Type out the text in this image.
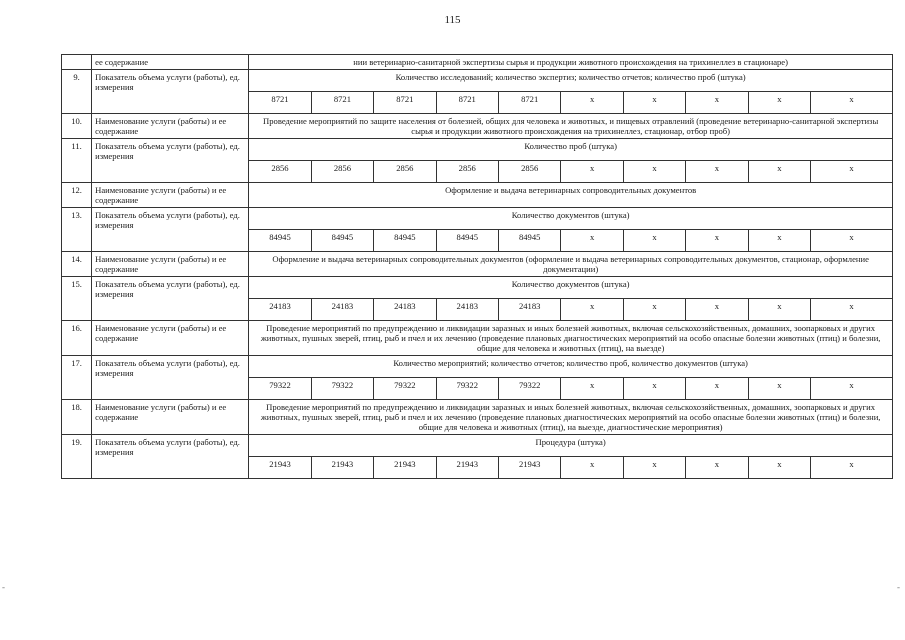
115
	ее содержание	нии ветеринарно-санитарной экспертизы сырья и продукции животного происхождения на трихинеллез в стационаре)									
9.	Показатель объема услуги (работы), ед. измерения	Количество исследований; количество экспертиз; количество отчетов; количество проб (штука)									
		8721	8721	8721	8721	8721	х	х	х	х	х
10.	Наименование услуги (работы) и ее содержание	Проведение мероприятий по защите населения от болезней, общих для человека и животных, и пищевых отравлений (проведение ветеринарно-санитарной экспертизы сырья и продукции животного происхождения на трихинеллез, стационар, отбор проб)									
11.	Показатель объема услуги (работы), ед. измерения	Количество проб (штука)									
		2856	2856	2856	2856	2856	х	х	х	х	х
12.	Наименование услуги (работы) и ее содержание	Оформление и выдача ветеринарных сопроводительных документов									
13.	Показатель объема услуги (работы), ед. измерения	Количество документов (штука)									
		84945	84945	84945	84945	84945	х	х	х	х	х
14.	Наименование услуги (работы) и ее содержание	Оформление и выдача ветеринарных сопроводительных документов (оформление и выдача ветеринарных сопроводительных документов, стационар, оформление документации)									
15.	Показатель объема услуги (работы), ед. измерения	Количество документов (штука)									
		24183	24183	24183	24183	24183	х	х	х	х	х
16.	Наименование услуги (работы) и ее содержание	Проведение мероприятий по предупреждению и ликвидации заразных и иных болезней животных, включая сельскохозяйственных, домашних, зоопарковых и других животных, пушных зверей, птиц, рыб и пчел и их лечению (проведение плановых диагностических мероприятий на особо опасные болезни животных (птиц) и болезни, общие для человека и животных (птиц), на выезде)									
17.	Показатель объема услуги (работы), ед. измерения	Количество мероприятий; количество отчетов; количество проб, количество документов (штука)									
		79322	79322	79322	79322	79322	х	х	х	х	х
18.	Наименование услуги (работы) и ее содержание	Проведение мероприятий по предупреждению и ликвидации заразных и иных болезней животных, включая сельскохозяйственных, домашних, зоопарковых и других животных, пушных зверей, птиц, рыб и пчел и их лечению (проведение плановых диагностических мероприятий на особо опасные болезни животных (птиц) и болезни, общие для человека и животных (птиц), на выезде, диагностические мероприятия)									
19.	Показатель объема услуги (работы), ед. измерения	Процедура (штука)									
		21943	21943	21943	21943	21943	х	х	х	х	х
-	-
